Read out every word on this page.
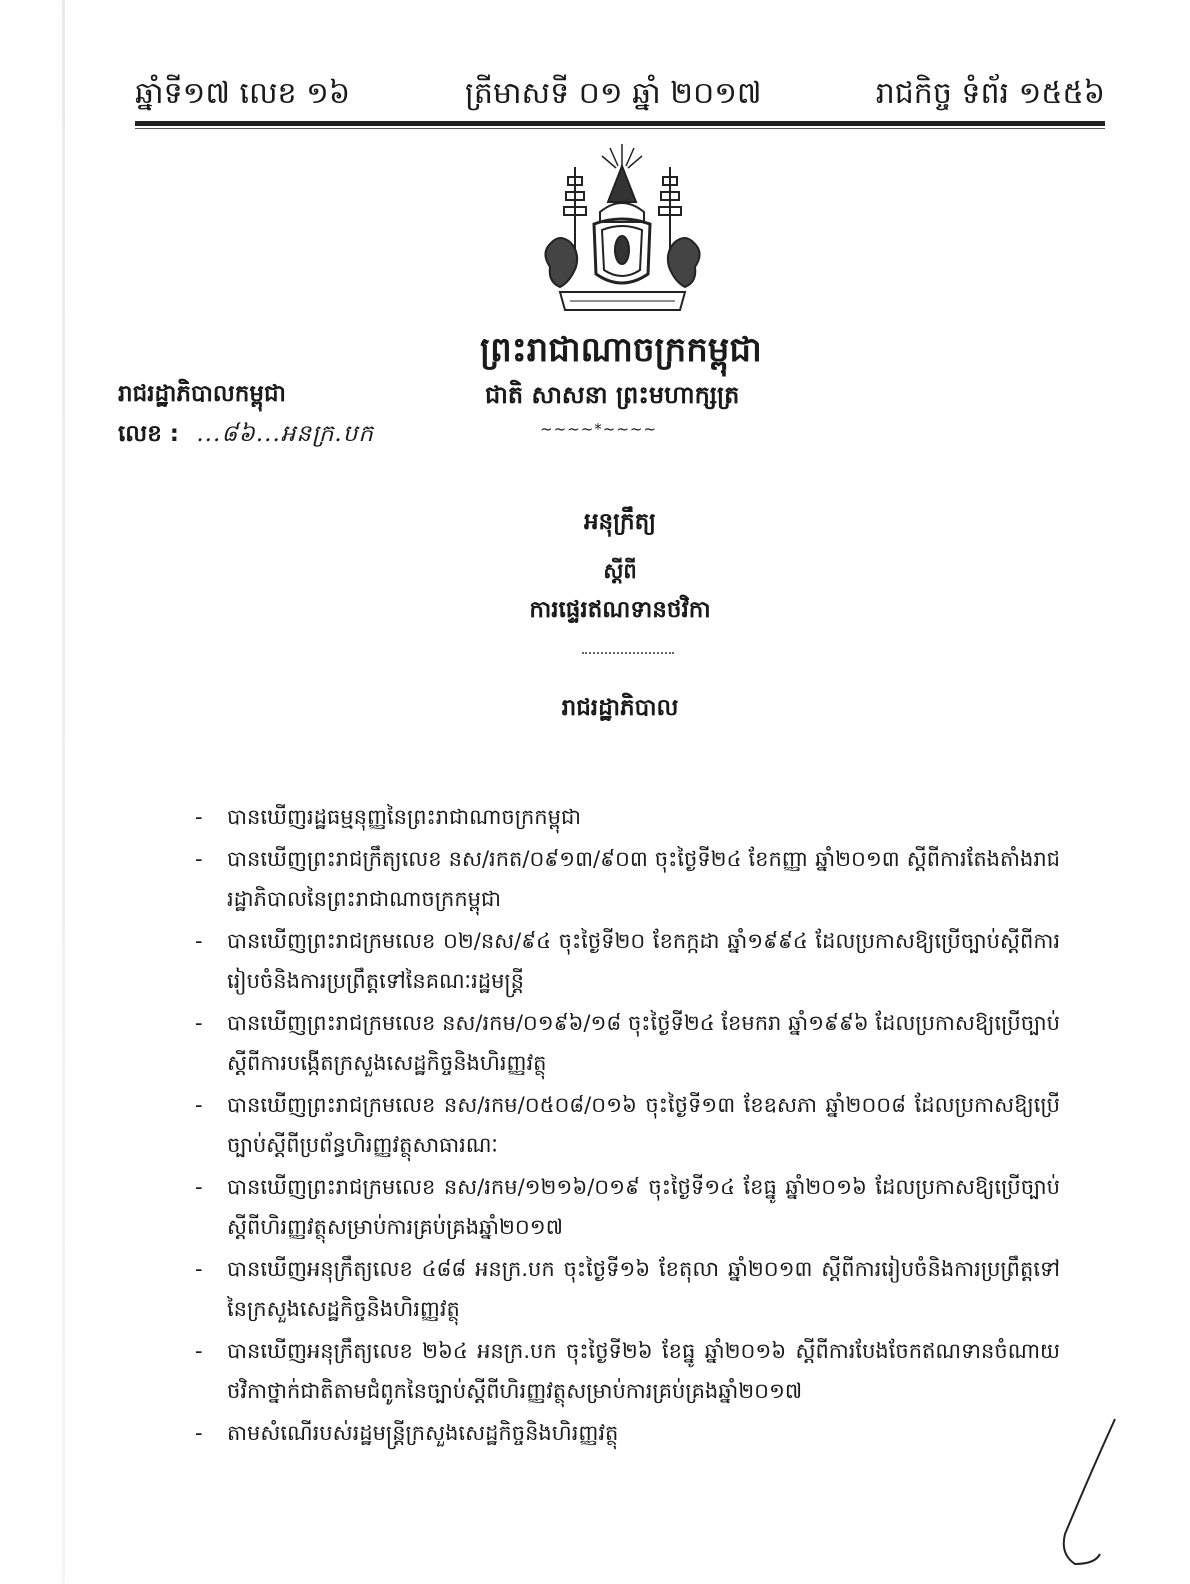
ឆ្នាំទី១៧ លេខ ១៦	ត្រីមាសទី ០១ ឆ្នាំ ២០១៧	រាជកិច្ច ទំព័រ ១៥៥៦
ព្រះរាជាណាចក្រកម្ពុជា
ជាតិ សាសនា ព្រះមហាក្សត្រ
~~~~*~~~~
រាជរដ្ឋាភិបាលកម្ពុជា
លេខ : ...៨៦...អនក្រ.បក
អនុក្រឹត្យ
ស្តីពី
ការផ្ទេរឥណទានថវិកា
រាជរដ្ឋាភិបាល
- បានឃើញរដ្ឋធម្មនុញ្ញនៃព្រះរាជាណាចក្រកម្ពុជា
- បានឃើញព្រះរាជក្រឹត្យលេខ នស/រកត/០៩១៣/៩០៣ ចុះថ្ងៃទី២៤ ខែកញ្ញា ឆ្នាំ២០១៣ ស្តីពីការតែងតាំងរាជរដ្ឋាភិបាលនៃព្រះរាជាណាចក្រកម្ពុជា
- បានឃើញព្រះរាជក្រមលេខ ០២/នស/៩៤ ចុះថ្ងៃទី២០ ខែកក្កដា ឆ្នាំ១៩៩៤ ដែលប្រកាសឱ្យប្រើច្បាប់ស្តីពីការរៀបចំនិងការប្រព្រឹត្តទៅនៃគណៈរដ្ឋមន្ត្រី
- បានឃើញព្រះរាជក្រមលេខ នស/រកម/០១៩៦/១៨ ចុះថ្ងៃទី២៤ ខែមករា ឆ្នាំ១៩៩៦ ដែលប្រកាសឱ្យប្រើច្បាប់ស្តីពីការបង្កើតក្រសួងសេដ្ឋកិច្ចនិងហិរញ្ញវត្ថុ
- បានឃើញព្រះរាជក្រមលេខ នស/រកម/០៥០៨/០១៦ ចុះថ្ងៃទី១៣ ខែឧសភា ឆ្នាំ២០០៨ ដែលប្រកាសឱ្យប្រើច្បាប់ស្តីពីប្រព័ន្ធហិរញ្ញវត្ថុសាធារណៈ
- បានឃើញព្រះរាជក្រមលេខ នស/រកម/១២១៦/០១៩ ចុះថ្ងៃទី១៤ ខែធ្នូ ឆ្នាំ២០១៦ ដែលប្រកាសឱ្យប្រើច្បាប់ស្តីពីហិរញ្ញវត្ថុសម្រាប់ការគ្រប់គ្រងឆ្នាំ២០១៧
- បានឃើញអនុក្រឹត្យលេខ ៤៨៨ អនក្រ.បក ចុះថ្ងៃទី១៦ ខែតុលា ឆ្នាំ២០១៣ ស្តីពីការរៀបចំនិងការប្រព្រឹត្តទៅនៃក្រសួងសេដ្ឋកិច្ចនិងហិរញ្ញវត្ថុ
- បានឃើញអនុក្រឹត្យលេខ ២៦៤ អនក្រ.បក ចុះថ្ងៃទី២៦ ខែធ្នូ ឆ្នាំ២០១៦ ស្តីពីការបែងចែកឥណទានចំណាយថវិកាថ្នាក់ជាតិតាមជំពូកនៃច្បាប់ស្តីពីហិរញ្ញវត្ថុសម្រាប់ការគ្រប់គ្រងឆ្នាំ២០១៧
- តាមសំណើរបស់រដ្ឋមន្ត្រីក្រសួងសេដ្ឋកិច្ចនិងហិរញ្ញវត្ថុ
